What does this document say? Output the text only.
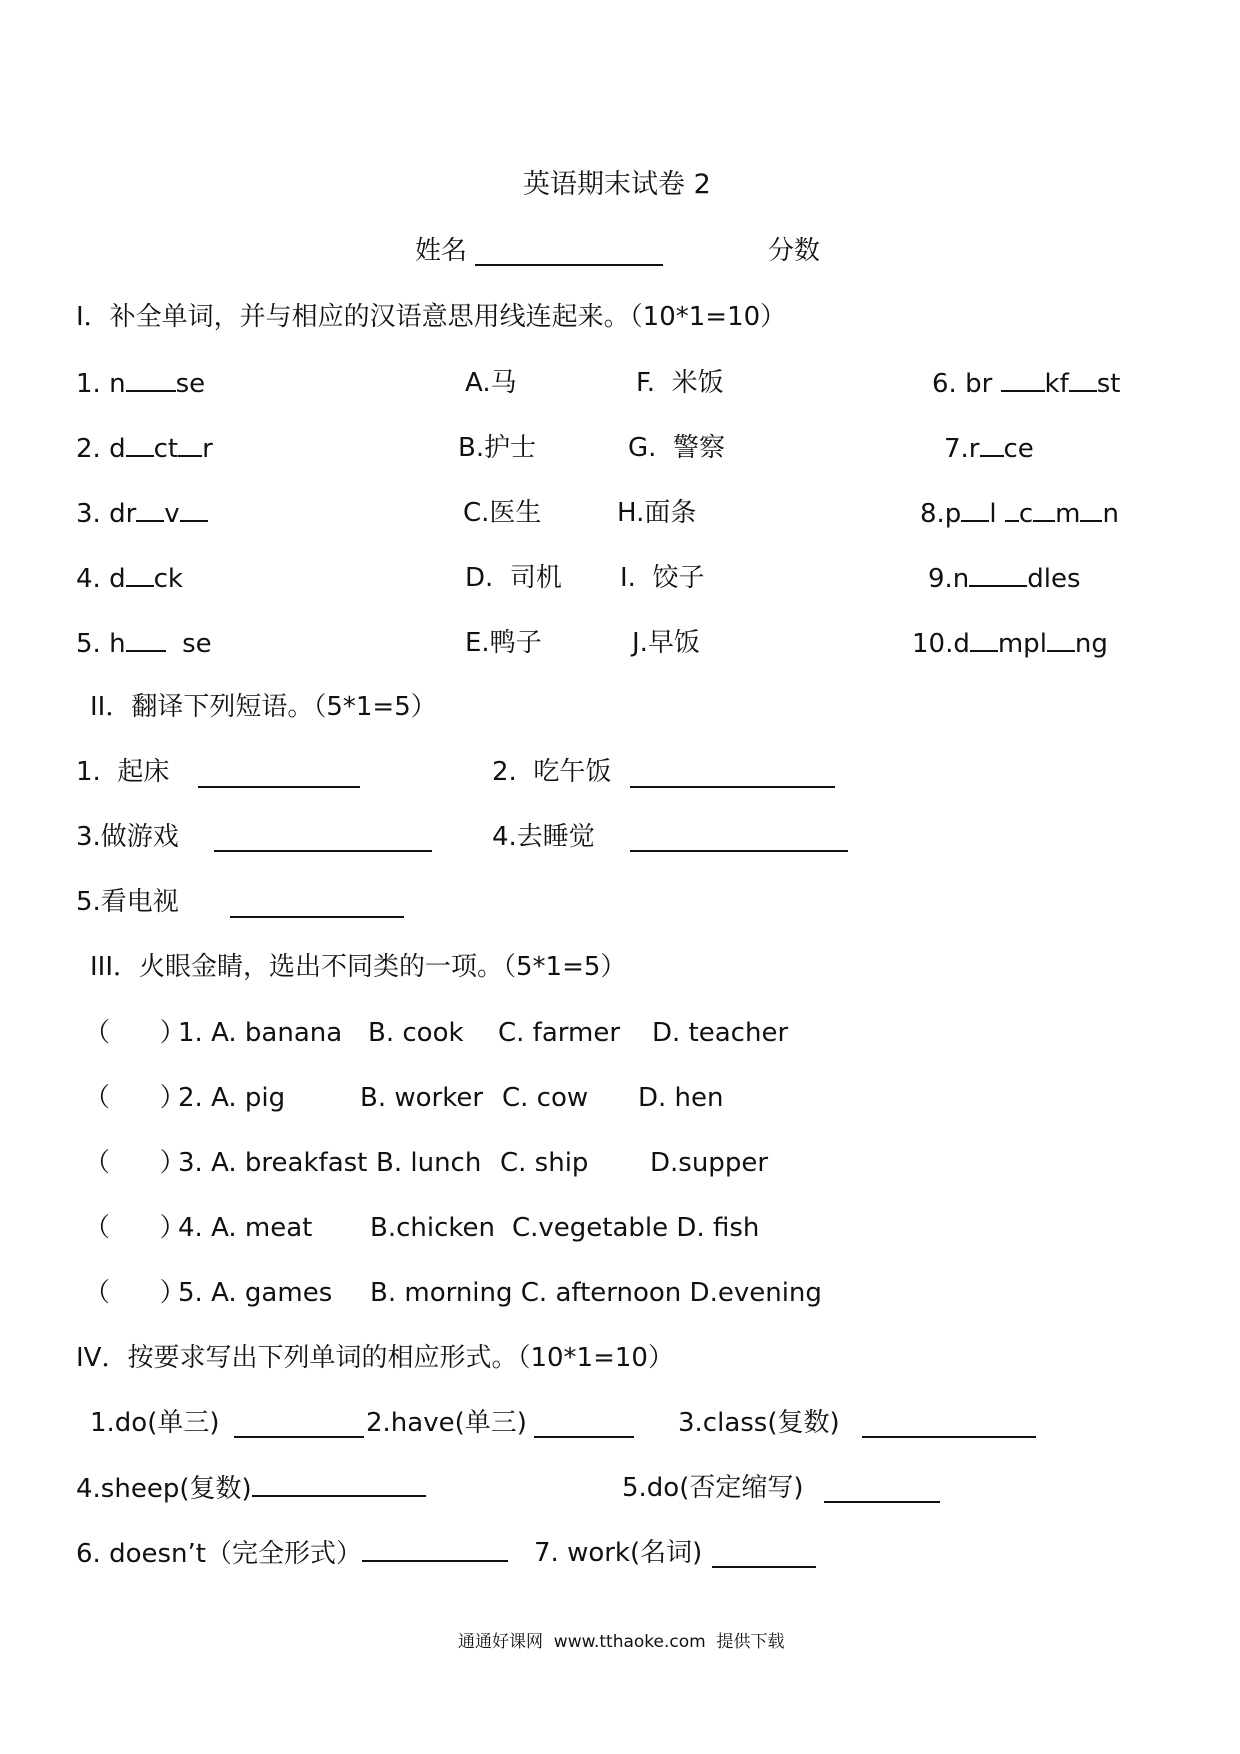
英语期末试卷 2
姓名	分数
I．补全单词，并与相应的汉语意思用线连起来。（10*1=10）
1. n se	A.马	F.  米饭	6. br kf st
2. d ct r	B.护士	G.  警察	7.r ce
3. dr v	C.医生	H.面条	8.p l c m n
4. d ck	D.  司机 I.  饺子	9.n dles
5. h se	E.鸭子	J.早饭	10.d mpl ng
II．翻译下列短语。（5*1=5）
1.  起床	2.  吃午饭
3.做游戏	4.去睡觉
5.看电视
III．火眼金睛，选出不同类的一项。（5*1=5）
（      ）
1. A. banana B. cook C. farmer D. teacher
（      ）
2. A. pig	B. worker C. cow D. hen
（      ）
3. A. breakfast B. lunch C. ship D.supper
（      ）
4. A. meat B.chicken C.vegetable D. fish
（      ）
5. A. games B. morning C. afternoon D.evening
IV．按要求写出下列单词的相应形式。（10*1=10）
1.do(单三)	2.have(单三)	3.class(复数)
4.sheep(复数)	5.do(否定缩写)
6. doesn’t（完全形式）	7. work(名词)
通通好课网  www.tthaoke.com  提供下载
